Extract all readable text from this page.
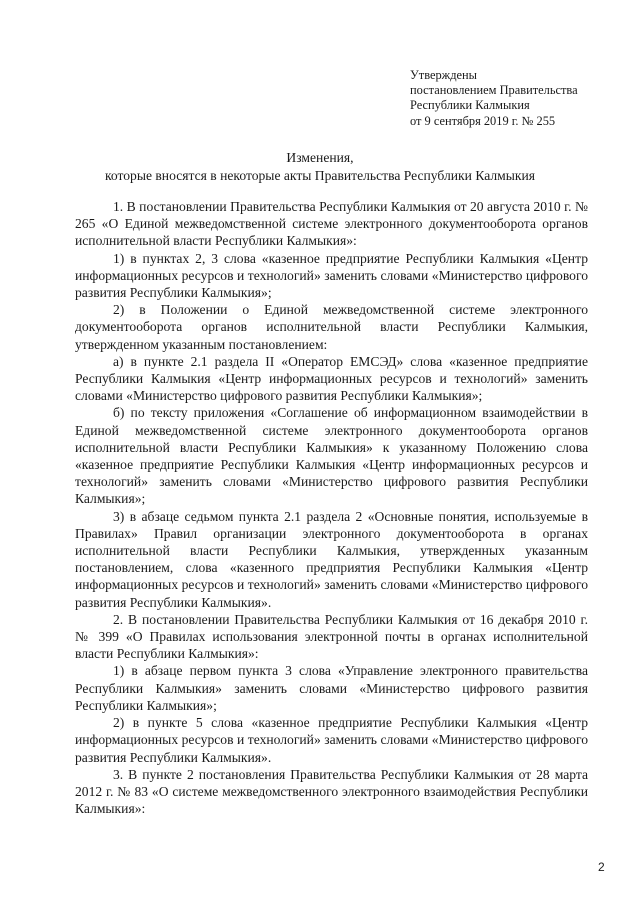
Утверждены
постановлением Правительства
Республики Калмыкия
от 9 сентября 2019 г. № 255
Изменения,
которые вносятся в некоторые акты Правительства Республики Калмыкия

1. В постановлении Правительства Республики Калмыкия от 20 августа 2010 г. № 265 «О Единой межведомственной системе электронного документооборота органов исполнительной власти Республики Калмыкия»:

1) в пунктах 2, 3 слова «казенное предприятие Республики Калмыкия «Центр информационных ресурсов и технологий» заменить словами «Министерство цифрового развития Республики Калмыкия»;

2) в Положении о Единой межведомственной системе электронного документооборота органов исполнительной власти Республики Калмыкия, утвержденном указанным постановлением:

а) в пункте 2.1 раздела II «Оператор ЕМСЭД» слова «казенное предприятие Республики Калмыкия «Центр информационных ресурсов и технологий» заменить словами «Министерство цифрового развития Республики Калмыкия»;

б) по тексту приложения «Соглашение об информационном взаимодействии в Единой межведомственной системе электронного документооборота органов исполнительной власти Республики Калмыкия» к указанному Положению слова «казенное предприятие Республики Калмыкия «Центр информационных ресурсов и технологий» заменить словами «Министерство цифрового развития Республики Калмыкия»;

3) в абзаце седьмом пункта 2.1 раздела 2 «Основные понятия, используемые в Правилах» Правил организации электронного документооборота в органах исполнительной власти Республики Калмыкия, утвержденных указанным постановлением, слова «казенного предприятия Республики Калмыкия «Центр информационных ресурсов и технологий» заменить словами «Министерство цифрового развития Республики Калмыкия».

2. В постановлении Правительства Республики Калмыкия от 16 декабря 2010 г. № 399 «О Правилах использования электронной почты в органах исполнительной власти Республики Калмыкия»:

1) в абзаце первом пункта 3 слова «Управление электронного правительства Республики Калмыкия» заменить словами «Министерство цифрового развития Республики Калмыкия»;

2) в пункте 5 слова «казенное предприятие Республики Калмыкия «Центр информационных ресурсов и технологий» заменить словами «Министерство цифрового развития Республики Калмыкия».

3. В пункте 2 постановления Правительства Республики Калмыкия от 28 марта 2012 г. № 83 «О системе межведомственного электронного взаимодействия Республики Калмыкия»:

2
